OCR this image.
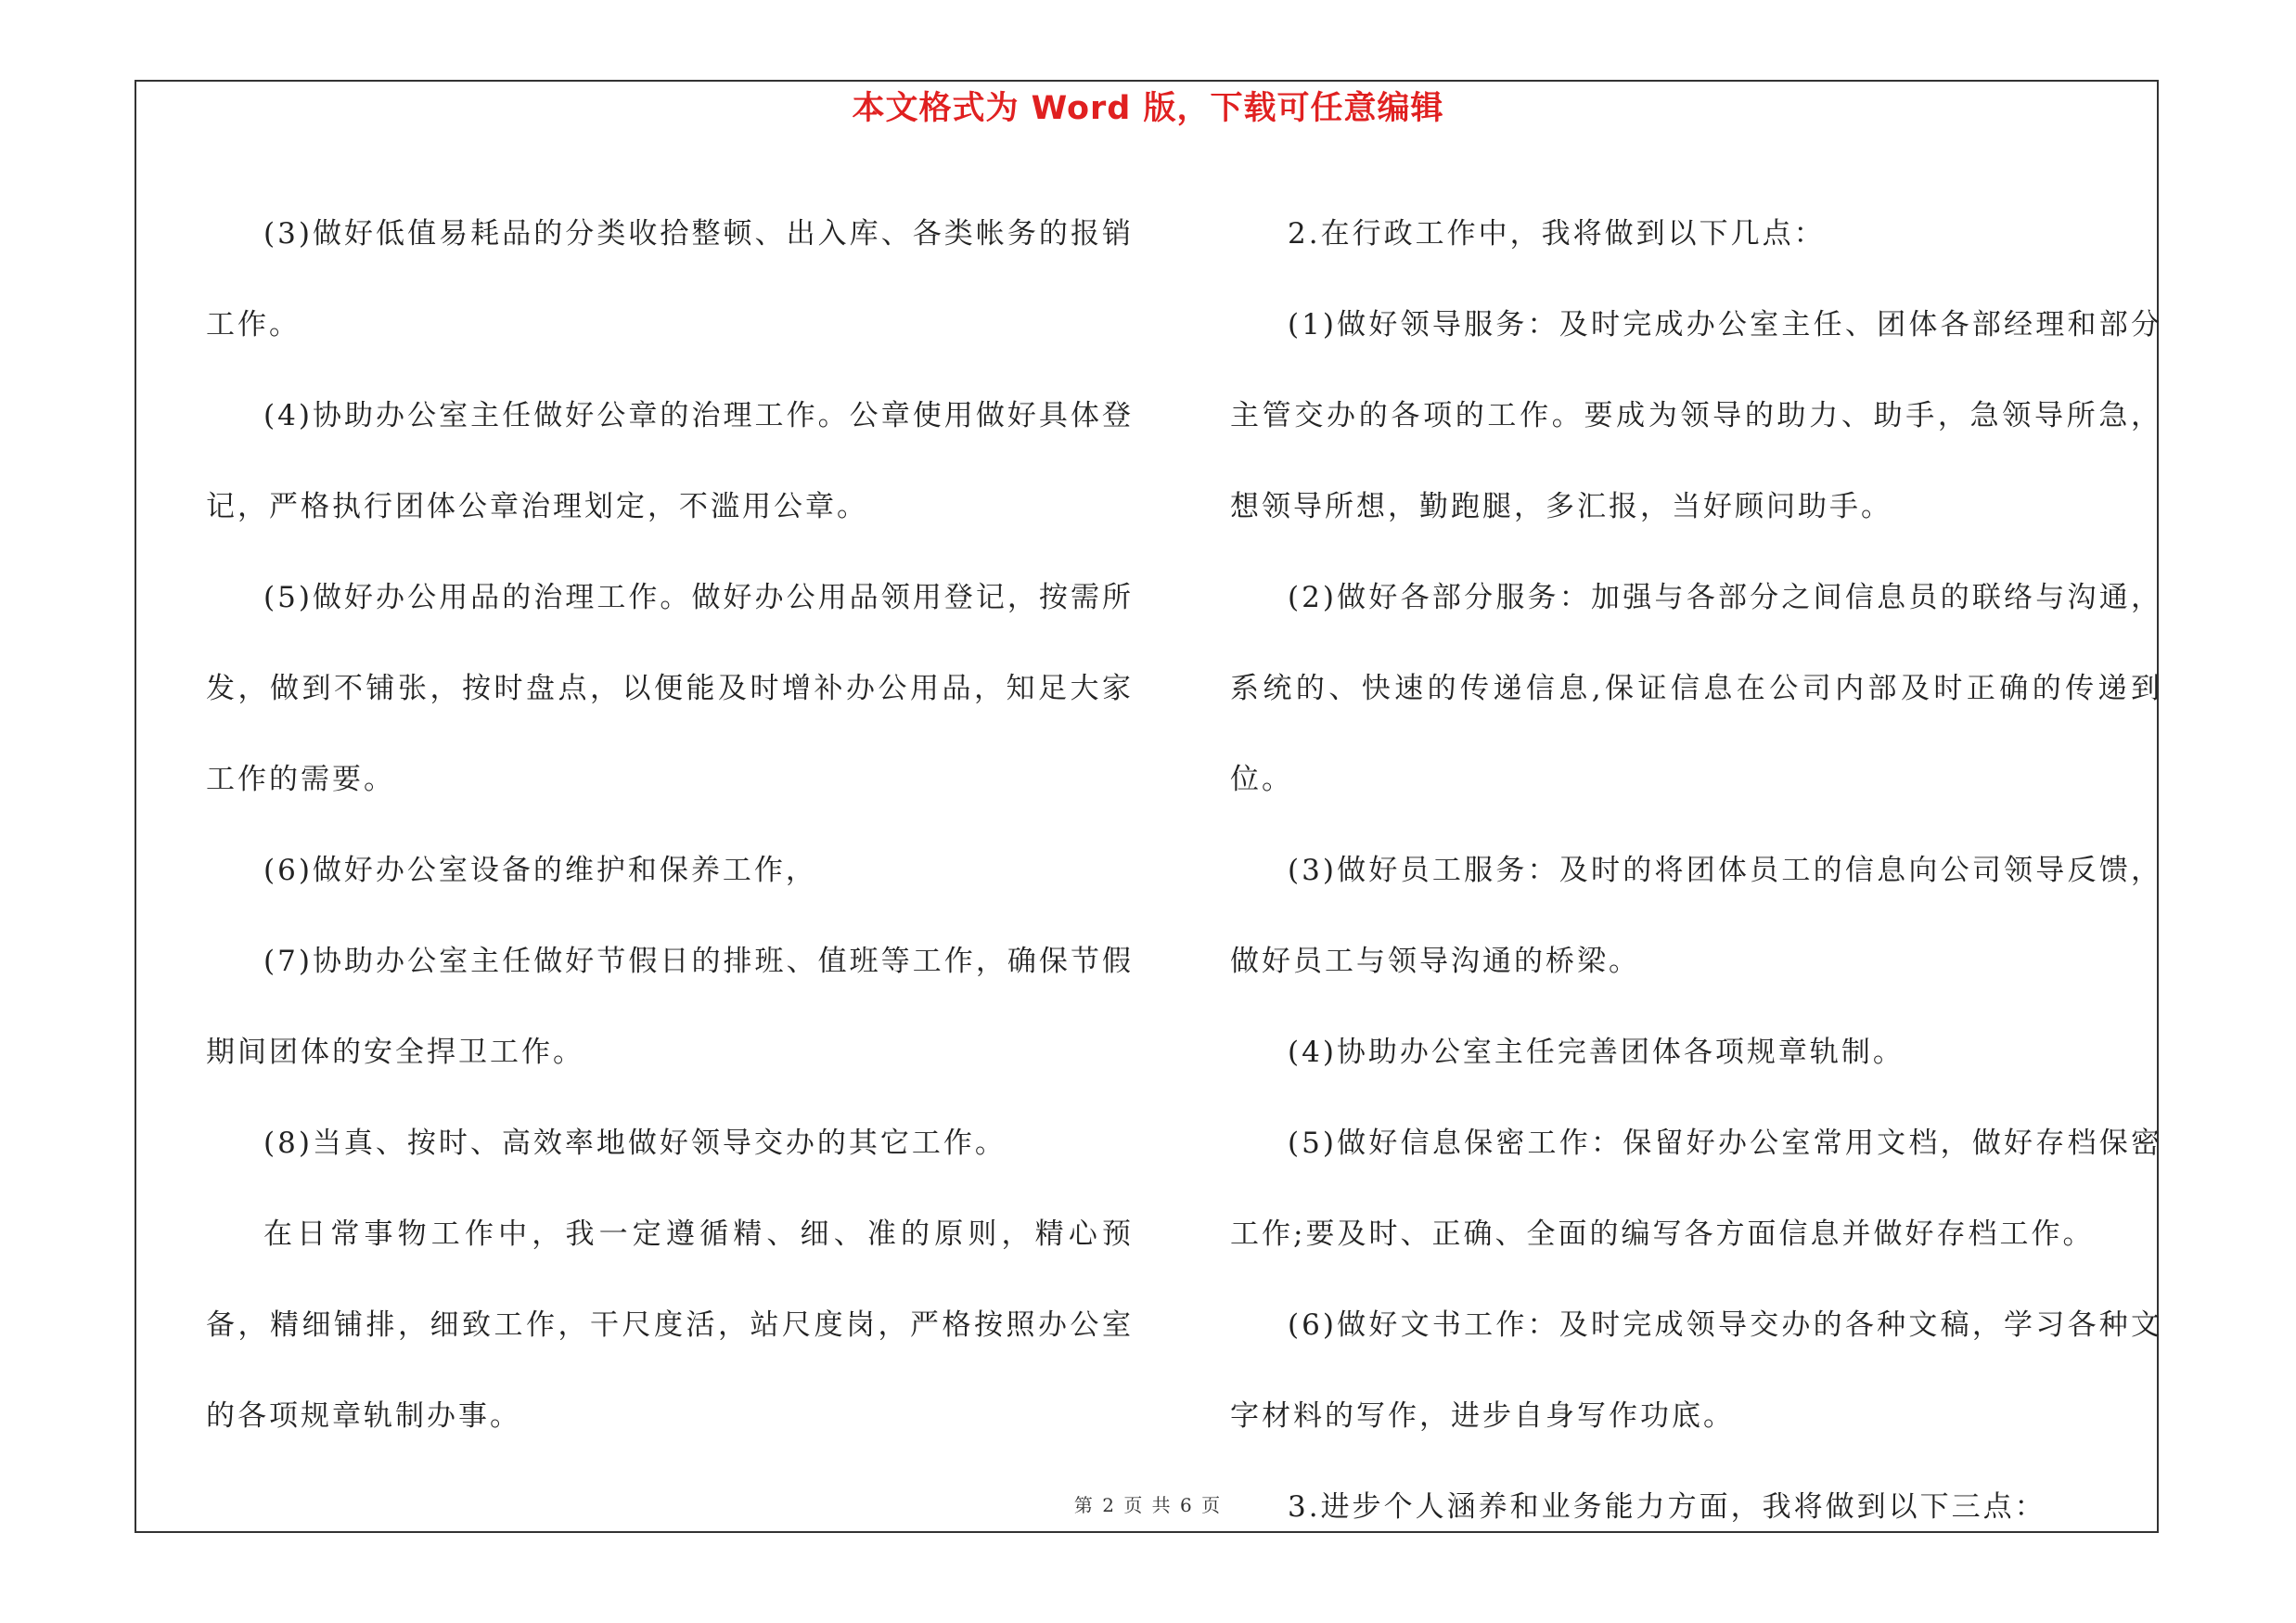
本文格式为 Word 版，下载可任意编辑

(3)做好低值易耗品的分类收拾整顿、出入库、各类帐务的报销工作。

(4)协助办公室主任做好公章的治理工作。公章使用做好具体登记，严格执行团体公章治理划定，不滥用公章。

(5)做好办公用品的治理工作。做好办公用品领用登记，按需所发，做到不铺张，按时盘点，以便能及时增补办公用品，知足大家工作的需要。

(6)做好办公室设备的维护和保养工作，

(7)协助办公室主任做好节假日的排班、值班等工作，确保节假期间团体的安全捍卫工作。

(8)当真、按时、高效率地做好领导交办的其它工作。

在日常事物工作中，我一定遵循精、细、准的原则，精心预备，精细铺排，细致工作，干尺度活，站尺度岗，严格按照办公室的各项规章轨制办事。

2.在行政工作中，我将做到以下几点：

(1)做好领导服务：及时完成办公室主任、团体各部经理和部分主管交办的各项的工作。要成为领导的助力、助手，急领导所急，想领导所想，勤跑腿，多汇报，当好顾问助手。

(2)做好各部分服务：加强与各部分之间信息员的联络与沟通，系统的、快速的传递信息,保证信息在公司内部及时正确的传递到位。

(3)做好员工服务：及时的将团体员工的信息向公司领导反馈，做好员工与领导沟通的桥梁。

(4)协助办公室主任完善团体各项规章轨制。

(5)做好信息保密工作：保留好办公室常用文档，做好存档保密工作;要及时、正确、全面的编写各方面信息并做好存档工作。

(6)做好文书工作：及时完成领导交办的各种文稿，学习各种文字材料的写作，进步自身写作功底。

3.进步个人涵养和业务能力方面，我将做到以下三点：

第 2 页 共 6 页
